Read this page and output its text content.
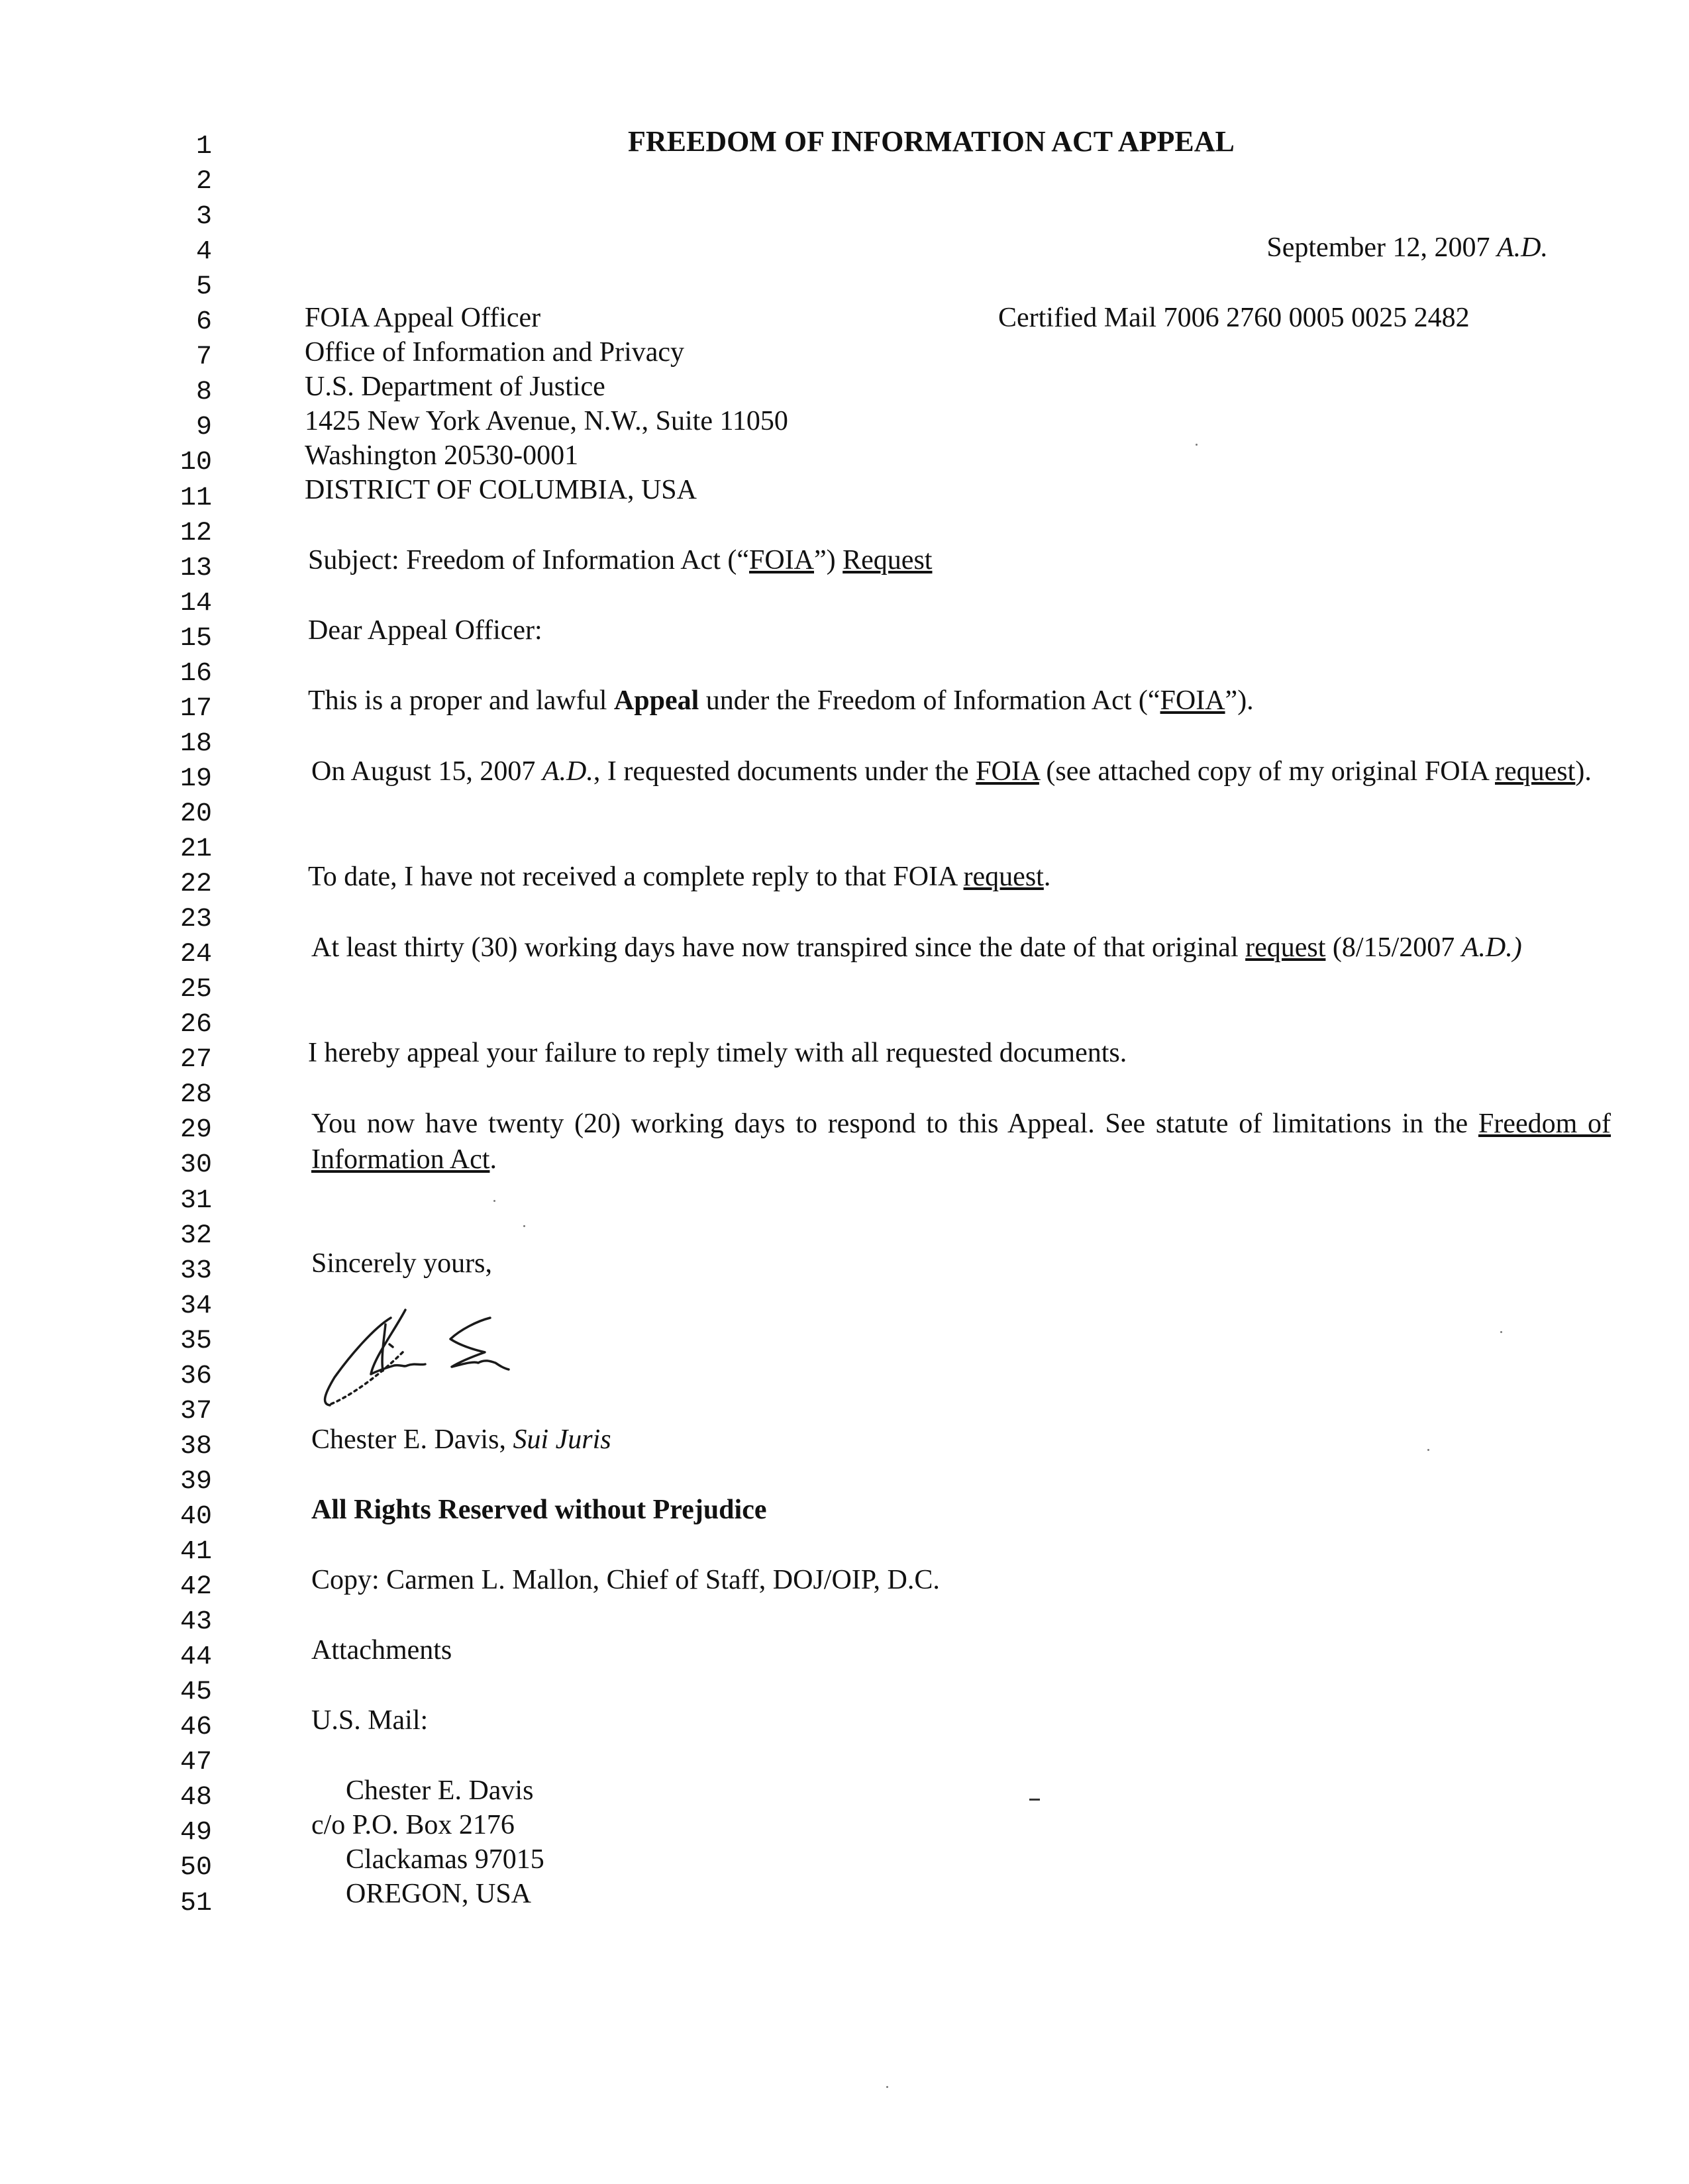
1
2
3
4
5
6
7
8
9
10
11
12
13
14
15
16
17
18
19
20
21
22
23
24
25
26
27
28
29
30
31
32
33
34
35
36
37
38
39
40
41
42
43
44
45
46
47
48
49
50
51
FREEDOM OF INFORMATION ACT APPEAL
September 12, 2007 A.D.
Certified Mail 7006 2760 0005 0025 2482
FOIA Appeal Officer
Office of Information and Privacy
U.S. Department of Justice
1425 New York Avenue, N.W., Suite 11050
Washington 20530-0001
DISTRICT OF COLUMBIA, USA
Subject: Freedom of Information Act (“FOIA”) Request
Dear Appeal Officer:
This is a proper and lawful Appeal under the Freedom of Information Act (“FOIA”).
On August 15, 2007 A.D., I requested documents under the FOIA (see attached copy of my original FOIA request).
To date, I have not received a complete reply to that FOIA request.
At least thirty (30) working days have now transpired since the date of that original request (8/15/2007 A.D.)
I hereby appeal your failure to reply timely with all requested documents.
You now have twenty (20) working days to respond to this Appeal. See statute of limitations in the Freedom of Information Act.
Sincerely yours,
Chester E. Davis, Sui Juris
All Rights Reserved without Prejudice
Copy: Carmen L. Mallon, Chief of Staff, DOJ/OIP, D.C.
Attachments
U.S. Mail:
Chester E. Davis
c/o P.O. Box 2176
Clackamas 97015
OREGON, USA
